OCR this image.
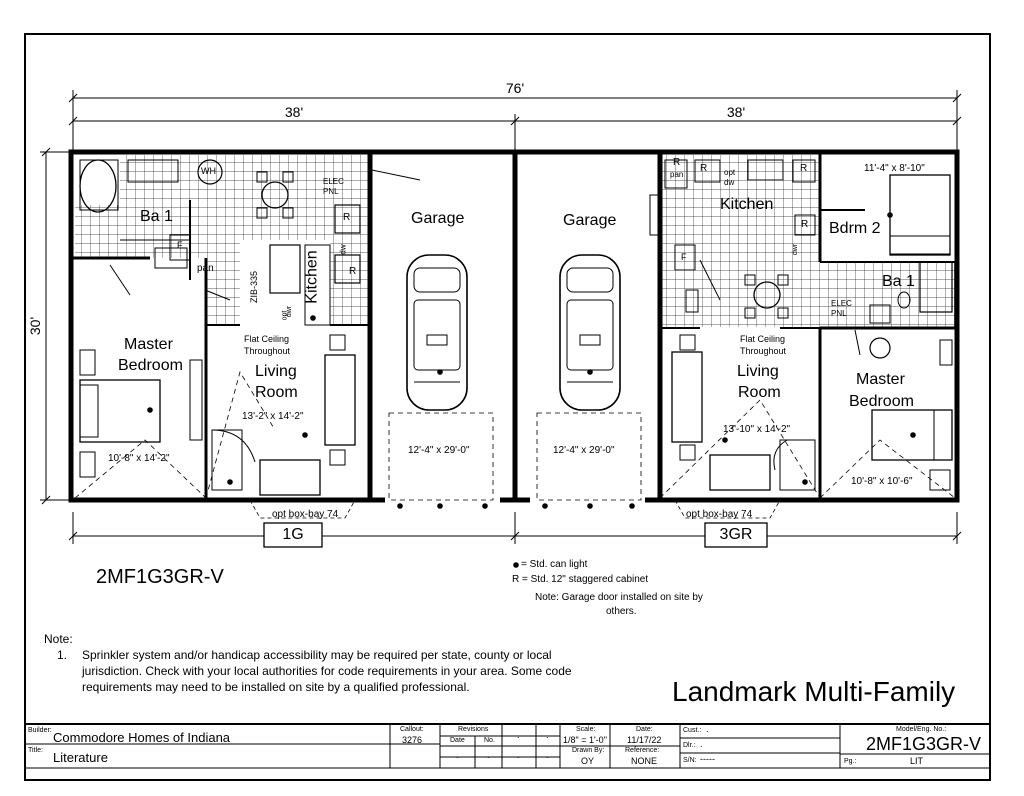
76'
38'	38'
30'
Ba 1
WH
pan
ELEC
PNL
R
R
F	dw
dwr
Kitchen
ZIB-335
opt
Master
Bedroom
10'-8" x 14'-2"
Flat Ceiling
Throughout
Living
Room
13'-2" x 14'-2"
opt box-bay 74
1G
Garage
12'-4" x 29'-0"
Garage
12'-4" x 29'-0"
Kitchen
pan	opt
dw
R
R	R
R
F
dwr
11'-4" x 8'-10"
Bdrm 2
Ba 1
ELEC
PNL
Flat Ceiling
Throughout
Living
Room
13'-10" x 14'-2"
Master
Bedroom
10'-8" x 10'-6"
opt box-bay 74
3GR
2MF1G3GR-V
= Std. can light
R = Std. 12" staggered cabinet
Note: Garage door installed on site by
others.
Note:
1. Sprinkler system and/or handicap accessibility may be required per state, county or local
jurisdiction. Check with your local authorities for code requirements in your area. Some code
requirements may need to be installed on site by a qualified professional.	Landmark Multi-Family
Builder: Commodore Homes of Indiana
Title: Literature
Callout:
3276
Revisions
Date	No.
.	.
.	.	.	.
Scale:
1/8" = 1'-0"
Drawn By:
OY
Date:
11/17/22
Reference:
NONE
Cust.: .
Dlr.: .
S/N: -----
Model/Eng. No.:
2MF1G3GR-V
Pg.:	LIT
